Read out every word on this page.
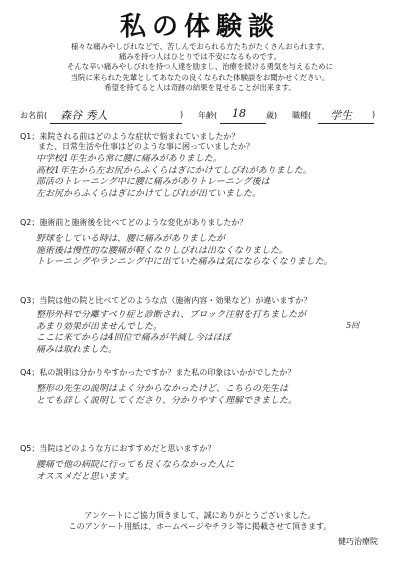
私の体験談
様々な痛みやしびれなどで、苦しんでおられる方たちがたくさんおられます。
痛みを持つ人はひとりでは不安になるものです。
そんな辛い痛みやしびれを持つ人達を励まし、治療を続ける勇気を与えるために
当院に来られた先輩としてあなたの良くなられた体験談をお聞かせください。
希望を持てると人は奇跡の結果を見せることが出来ます。
お名前( 森谷 秀人	) 年齢( 18	歳) 職種( 学生	)
Q1；来院される前はどのような症状で悩まれていましたか？
また、日常生活や仕事はどのような事に困っていましたか？
中学校1年生から常に腰に痛みがありました。
高校1年生から左お尻からふくらはぎにかけてしびれがありました。
部活のトレーニング中に腰に痛みがありトレーニング後は
左お尻からふくらはぎにかけてしびれが出ていました。
Q2；施術前と施術後を比べてどのような変化がありましたか？
野球をしている時は、腰に痛みがありましたが
施術後は慢性的な腰痛が軽くなりしびれは出なくなりました。
トレーニングやランニング中に出ていた痛みは気にならなくなりました。
Q3；当院は他の院と比べてどのような点（施術内容・効果など）が違いますか？
整形外科で分離すべり症と診断され、ブロック注射を打ちましたが
あまり効果が出ませんでした。
ここに来てからは4回位で痛みが半減し今はほぼ
痛みは取れました。
5回
Q4；私の説明は分かりやすかったですか？また私の印象はいかがでしたか？
整形の先生の説明はよく分からなかったけど、こちらの先生は
とても詳しく説明してくださり、分かりやすく理解できました。
Q5；当院はどのような方におすすめだと思いますか？
腰痛で他の病院に行っても良くならなかった人に
オススメだと思います。
アンケートにご協力頂きまして、誠にありがとうございました。
このアンケート用紙は、ホームページやチラシ等に掲載させて頂きます。
健巧治療院
